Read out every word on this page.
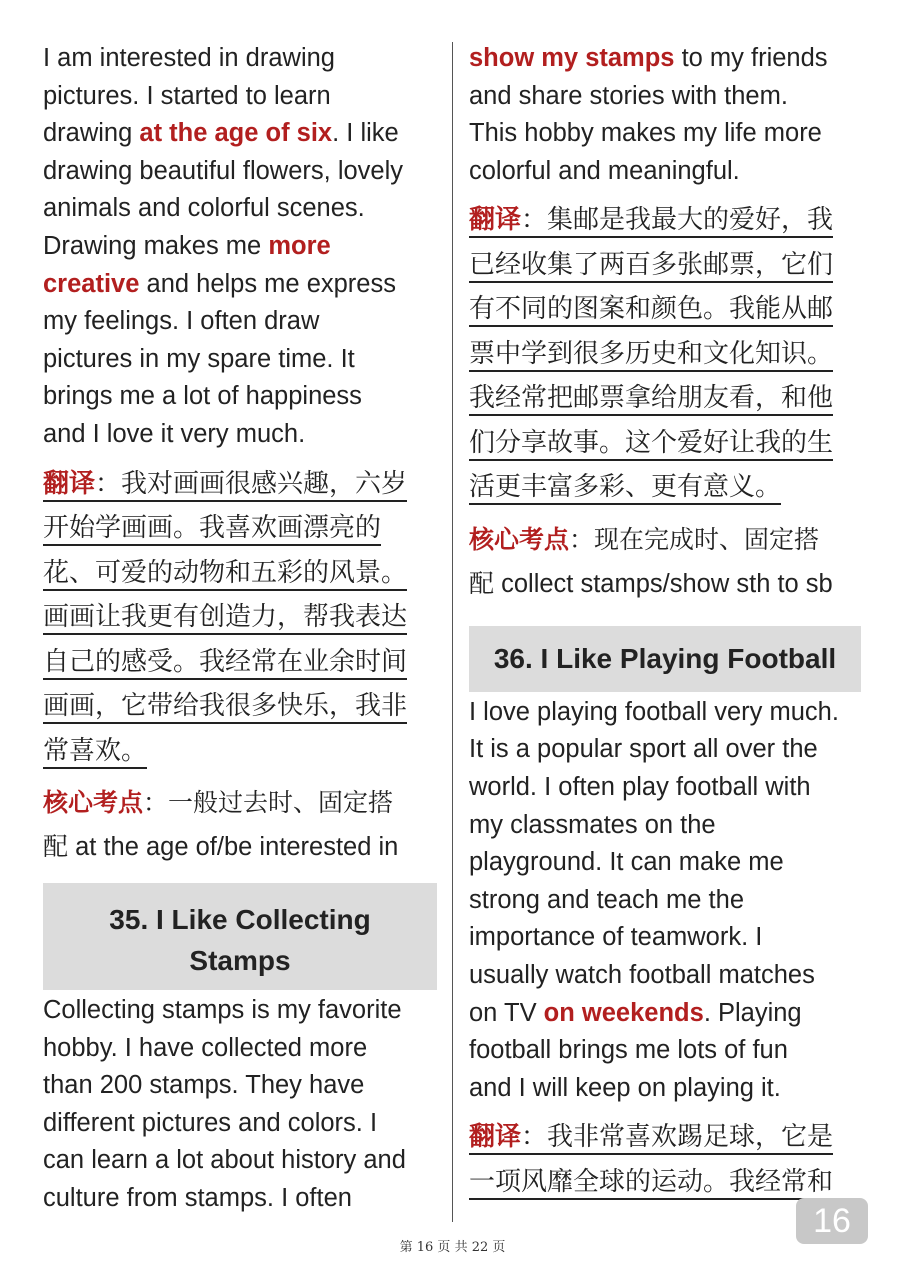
I am interested in drawing

pictures. I started to learn

drawing at the age of six. I like

drawing beautiful flowers, lovely

animals and colorful scenes.

Drawing makes me more

creative and helps me express

my feelings. I often draw

pictures in my spare time. It

brings me a lot of happiness

and I love it very much.

翻译：我对画画很感兴趣，六岁
开始学画画。我喜欢画漂亮的
花、可爱的动物和五彩的风景。
画画让我更有创造力，帮我表达
自己的感受。我经常在业余时间
画画，它带给我很多快乐，我非
常喜欢。
核心考点：一般过去时、固定搭
配 at the age of/be interested in
35. I Like Collecting
Stamps

Collecting stamps is my favorite

hobby. I have collected more

than 200 stamps. They have

different pictures and colors. I

can learn a lot about history and

culture from stamps. I often

show my stamps to my friends

and share stories with them.

This hobby makes my life more

colorful and meaningful.

翻译：集邮是我最大的爱好，我
已经收集了两百多张邮票，它们
有不同的图案和颜色。我能从邮
票中学到很多历史和文化知识。
我经常把邮票拿给朋友看，和他
们分享故事。这个爱好让我的生
活更丰富多彩、更有意义。
核心考点：现在完成时、固定搭
配 collect stamps/show sth to sb
36. I Like Playing Football

I love playing football very much.

It is a popular sport all over the

world. I often play football with

my classmates on the

playground. It can make me

strong and teach me the

importance of teamwork. I

usually watch football matches

on TV on weekends. Playing

football brings me lots of fun

and I will keep on playing it.

翻译：我非常喜欢踢足球，它是
一项风靡全球的运动。我经常和
16
第 16 页 共 22 页
